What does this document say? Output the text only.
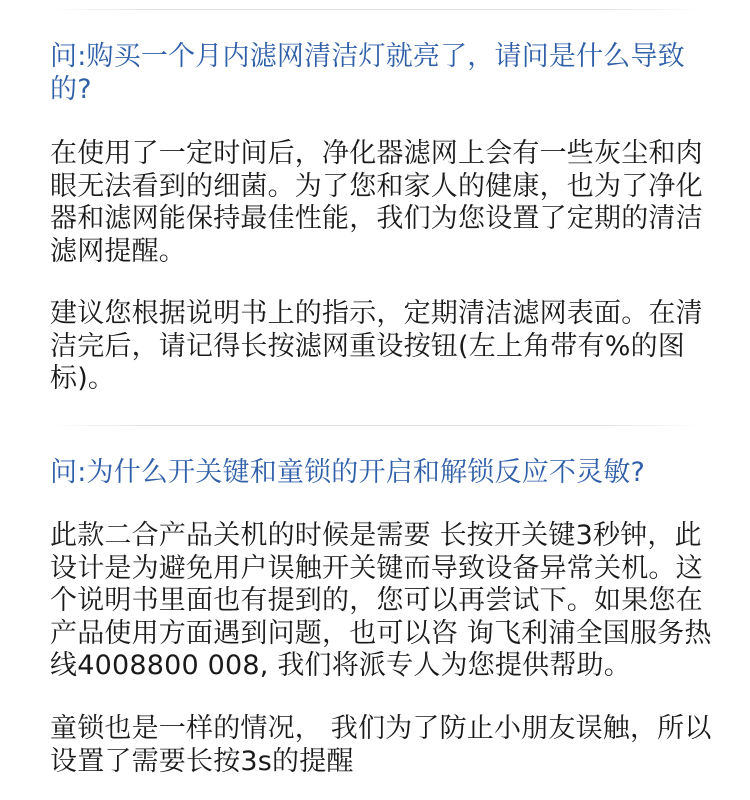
问:购买一个月内滤网清洁灯就亮了，请问是什么导致的?
在使用了一定时间后，净化器滤网上会有一些灰尘和肉眼无法看到的细菌。为了您和家人的健康，也为了净化器和滤网能保持最佳性能，我们为您设置了定期的清洁滤网提醒。
建议您根据说明书上的指示，定期清洁滤网表面。在清洁完后，请记得长按滤网重设按钮(左上角带有%的图标)。
问:为什么开关键和童锁的开启和解锁反应不灵敏?
此款二合产品关机的时候是需要 长按开关键3秒钟，此设计是为避免用户误触开关键而导致设备异常关机。这个说明书里面也有提到的，您可以再尝试下。如果您在产品使用方面遇到问题，也可以咨 询飞利浦全国服务热线4008800 008, 我们将派专人为您提供帮助。
童锁也是一样的情况， 我们为了防止小朋友误触，所以设置了需要长按3s的提醒
